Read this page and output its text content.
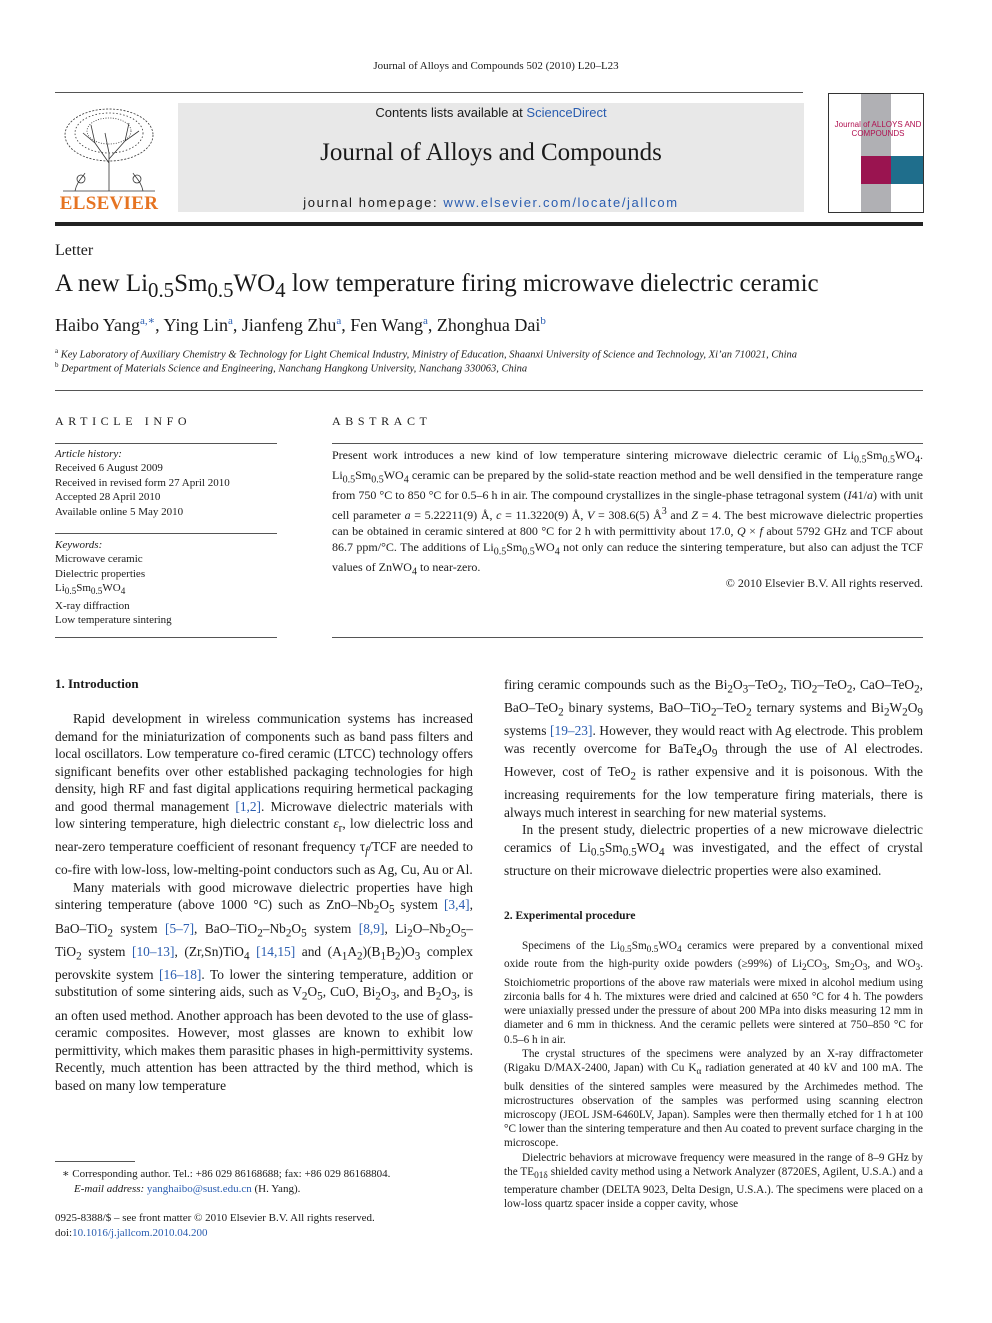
Journal of Alloys and Compounds 502 (2010) L20–L23
ELSEVIER
Contents lists available at ScienceDirect
Journal of Alloys and Compounds
journal homepage: www.elsevier.com/locate/jallcom
Journal of ALLOYS AND COMPOUNDS
Letter
A new $Li_{0.5}Sm_{0.5}WO_4$ low temperature firing microwave dielectric ceramic
Haibo Yang$^{a,∗}$, Ying Lin$^a$, Jianfeng Zhu$^a$, Fen Wang$^a$, Zhonghua Dai$^b$
$^a$ Key Laboratory of Auxiliary Chemistry & Technology for Light Chemical Industry, Ministry of Education, Shaanxi University of Science and Technology, Xi’an 710021, China
$^b$ Department of Materials Science and Engineering, Nanchang Hangkong University, Nanchang 330063, China
ARTICLE INFO
Article history:
Received 6 August 2009
Received in revised form 27 April 2010
Accepted 28 April 2010
Available online 5 May 2010
Keywords:
Microwave ceramic
Dielectric properties
$Li_{0.5}Sm_{0.5}WO_4$
X-ray diffraction
Low temperature sintering
ABSTRACT
Present work introduces a new kind of low temperature sintering microwave dielectric ceramic of $Li_{0.5}Sm_{0.5}WO_4$. $Li_{0.5}Sm_{0.5}WO_4$ ceramic can be prepared by the solid-state reaction method and be well densified in the temperature range from 750 °C to 850 °C for 0.5–6 h in air. The compound crystallizes in the single-phase tetragonal system (I41/a) with unit cell parameter a = 5.22211(9) Å, c = 11.3220(9) Å, V = 308.6(5) $Å^3$ and Z = 4. The best microwave dielectric properties can be obtained in ceramic sintered at 800 °C for 2 h with permittivity about 17.0, Q × f about 5792 GHz and TCF about 86.7 ppm/°C. The additions of $Li_{0.5}Sm_{0.5}WO_4$ not only can reduce the sintering temperature, but also can adjust the TCF values of ZnWO$_4$ to near-zero.
© 2010 Elsevier B.V. All rights reserved.
1. Introduction

Rapid development in wireless communication systems has increased demand for the miniaturization of components such as band pass filters and local oscillators. Low temperature co-fired ceramic (LTCC) technology offers significant benefits over other established packaging technologies for high density, high RF and fast digital applications requiring hermetical packaging and good thermal management [1,2]. Microwave dielectric materials with low sintering temperature, high dielectric constant $\varepsilon_r$, low dielectric loss and near-zero temperature coefficient of resonant frequency $\tau_f$/TCF are needed to co-fire with low-loss, low-melting-point conductors such as Ag, Cu, Au or Al.

Many materials with good microwave dielectric properties have high sintering temperature (above 1000 °C) such as ZnO–$Nb_2O_5$ system [3,4], BaO–TiO$_2$ system [5–7], BaO–$TiO_2-Nb_2O_5$ system [8,9], $Li_2O-Nb_2O_5-TiO_2$ system [10–13], (Zr,Sn)TiO$_4$ [14,15] and $(A_1A_2)(B_1B_2)O_3$ complex perovskite system [16–18]. To lower the sintering temperature, addition or substitution of some sintering aids, such as $V_2O_5$, CuO, $Bi_2O_3$, and $B_2O_3$, is an often used method. Another approach has been devoted to the use of glass-ceramic composites. However, most glasses are known to exhibit low permittivity, which makes them parasitic phases in high-permittivity systems. Recently, much attention has been attracted by the third method, which is based on many low temperature

firing ceramic compounds such as the $Bi_2O_3-TeO_2$, TiO$_2$–TeO$_2$, CaO–TeO$_2$, BaO–TeO$_2$ binary systems, BaO–TiO$_2$–TeO$_2$ ternary systems and $Bi_2W_2O_9$ systems [19–23]. However, they would react with Ag electrode. This problem was recently overcome for $BaTe_4O_9$ through the use of Al electrodes. However, cost of TeO$_2$ is rather expensive and it is poisonous. With the increasing requirements for the low temperature firing materials, there is always much interest in searching for new material systems.

In the present study, dielectric properties of a new microwave dielectric ceramics of $Li_{0.5}Sm_{0.5}WO_4$ was investigated, and the effect of crystal structure on their microwave dielectric properties were also examined.

2. Experimental procedure

Specimens of the $Li_{0.5}Sm_{0.5}WO_4$ ceramics were prepared by a conventional mixed oxide route from the high-purity oxide powders (≥99%) of $Li_2CO_3$, $Sm_2O_3$, and $WO_3$. Stoichiometric proportions of the above raw materials were mixed in alcohol medium using zirconia balls for 4 h. The mixtures were dried and calcined at 650 °C for 4 h. The powders were uniaxially pressed under the pressure of about 200 MPa into disks measuring 12 mm in diameter and 6 mm in thickness. And the ceramic pellets were sintered at 750–850 °C for 0.5–6 h in air.

The crystal structures of the specimens were analyzed by an X-ray diffractometer (Rigaku D/MAX-2400, Japan) with Cu $K_\alpha$ radiation generated at 40 kV and 100 mA. The bulk densities of the sintered samples were measured by the Archimedes method. The microstructures observation of the samples was performed using scanning electron microscopy (JEOL JSM-6460LV, Japan). Samples were then thermally etched for 1 h at 100 °C lower than the sintering temperature and then Au coated to prevent surface charging in the microscope.

Dielectric behaviors at microwave frequency were measured in the range of 8–9 GHz by the $TE_{01\delta}$ shielded cavity method using a Network Analyzer (8720ES, Agilent, U.S.A.) and a temperature chamber (DELTA 9023, Delta Design, U.S.A.). The specimens were placed on a low-loss quartz spacer inside a copper cavity, whose

∗ Corresponding author. Tel.: +86 029 86168688; fax: +86 029 86168804.
E-mail address: yanghaibo@sust.edu.cn (H. Yang).
0925-8388/$ – see front matter © 2010 Elsevier B.V. All rights reserved.
doi:10.1016/j.jallcom.2010.04.200
